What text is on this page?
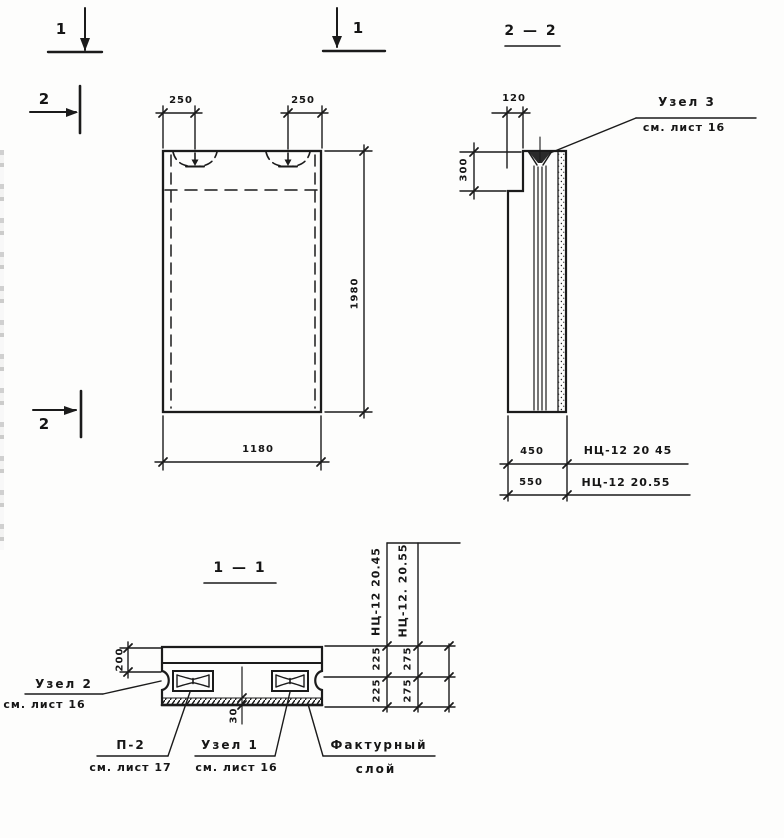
1	1
2
2
250	250
1980
1180
2 — 2
120
300
Узел 3
см. лист 16
450	НЦ-12 20 45
550	НЦ-12 20.55
1 — 1
200
30
225
225
275
275
НЦ-12 20.45 НЦ-12. 20.55
Узел 2
см. лист 16
П-2
см. лист 17
Узел 1
см. лист 16
Фактурный
слой
